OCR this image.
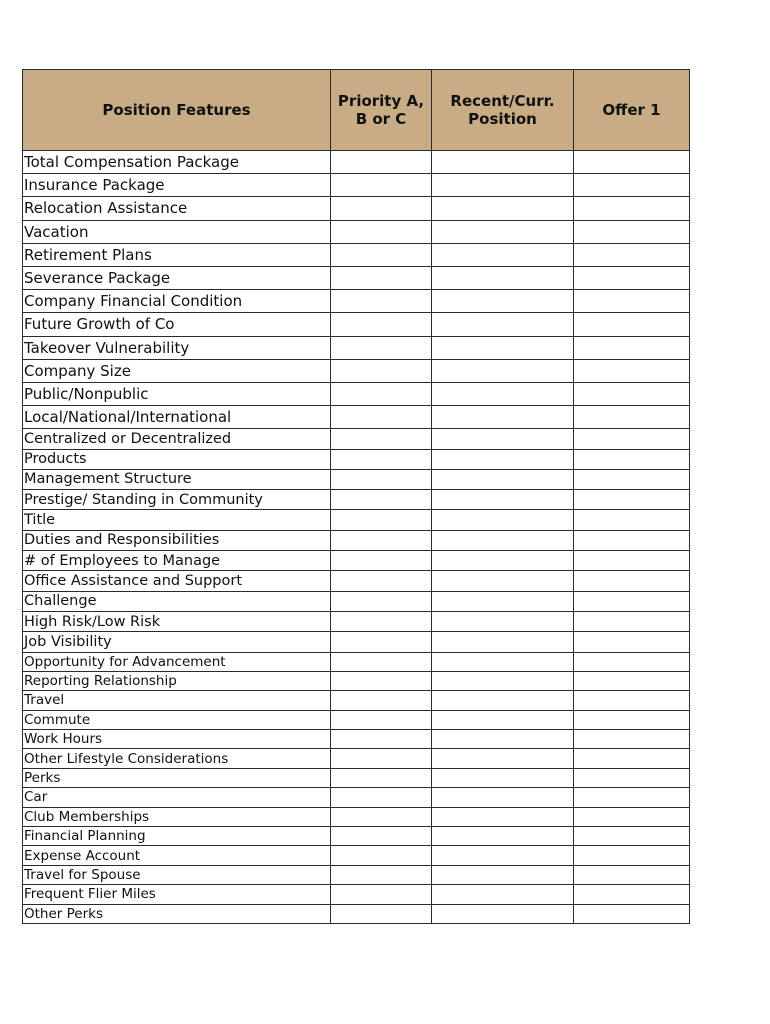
Position Features	Priority A, B or C	Recent/Curr. Position	Offer 1
Total Compensation Package			
Insurance Package			
Relocation Assistance			
Vacation			
Retirement Plans			
Severance Package			
Company Financial Condition			
Future Growth of Co			
Takeover Vulnerability			
Company Size			
Public/Nonpublic			
Local/National/International			
Centralized or Decentralized			
Products			
Management Structure			
Prestige/ Standing in Community			
Title			
Duties and Responsibilities			
# of Employees to Manage			
Office Assistance and Support			
Challenge			
High Risk/Low Risk			
Job Visibility			
Opportunity for Advancement			
Reporting Relationship			
Travel			
Commute			
Work Hours			
Other Lifestyle Considerations			
Perks			
Car			
Club Memberships			
Financial Planning			
Expense Account			
Travel for Spouse			
Frequent Flier Miles			
Other Perks			
